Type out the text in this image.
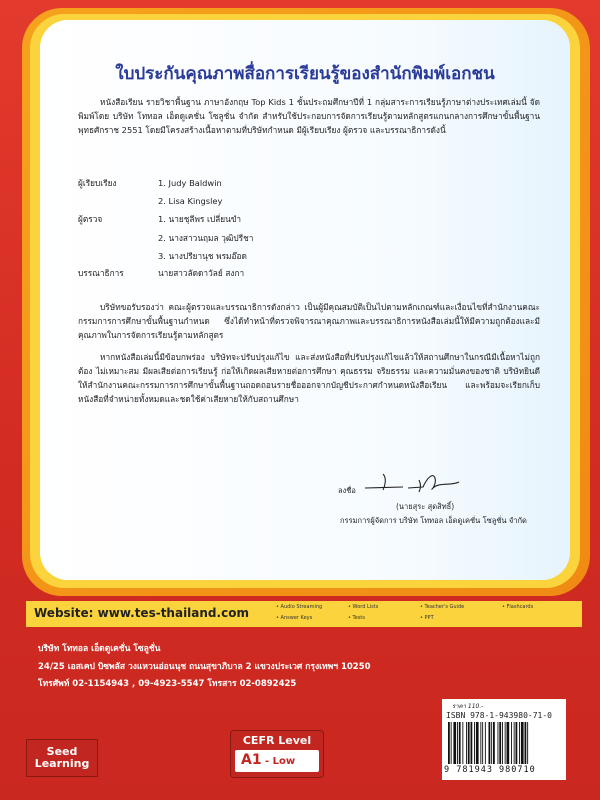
ใบประกันคุณภาพสื่อการเรียนรู้ของสำนักพิมพ์เอกชน
หนังสือเรียน รายวิชาพื้นฐาน ภาษาอังกฤษ Top Kids 1 ชั้นประถมศึกษาปีที่ 1 กลุ่มสาระการเรียนรู้ภาษาต่างประเทศเล่มนี้ จัดพิมพ์โดย บริษัท โททอล เอ็ดดูเคชั่น โซลูชั่น จำกัด สำหรับใช้ประกอบการจัดการเรียนรู้ตามหลักสูตรแกนกลางการศึกษาขั้นพื้นฐาน พุทธศักราช 2551 โดยมีโครงสร้างเนื้อหาตามที่บริษัทกำหนด มีผู้เรียบเรียง ผู้ตรวจ และบรรณาธิการดังนี้
ผู้เรียบเรียง	1. Judy Baldwin
2. Lisa Kingsley
ผู้ตรวจ	1. นายชุลีพร เปลี่ยนขำ
2. นางสาวนฤมล วุฒิปรีชา
3. นางปรียานุช พรมอ๊อด
บรรณาธิการ	นายสาวลัดดาวัลย์ สงกา
บริษัทขอรับรองว่า คณะผู้ตรวจและบรรณาธิการดังกล่าว เป็นผู้มีคุณสมบัติเป็นไปตามหลักเกณฑ์และเงื่อนไขที่สำนักงานคณะกรรมการการศึกษาขั้นพื้นฐานกำหนด ซึ่งได้ทำหน้าที่ตรวจพิจารณาคุณภาพและบรรณาธิการหนังสือเล่มนี้ให้มีความถูกต้องและมีคุณภาพในการจัดการเรียนรู้ตามหลักสูตร
หากหนังสือเล่มนี้มีข้อบกพร่อง บริษัทจะปรับปรุงแก้ไข และส่งหนังสือที่ปรับปรุงแก้ไขแล้วให้สถานศึกษาในกรณีมีเนื้อหาไม่ถูกต้อง ไม่เหมาะสม มีผลเสียต่อการเรียนรู้ ก่อให้เกิดผลเสียหายต่อการศึกษา คุณธรรม จริยธรรม และความมั่นคงของชาติ บริษัทยินดีให้สำนักงานคณะกรรมการการศึกษาขั้นพื้นฐานถอดถอนรายชื่อออกจากบัญชีประกาศกำหนดหนังสือเรียน และพร้อมจะเรียกเก็บหนังสือที่จำหน่ายทั้งหมดและชดใช้ค่าเสียหายให้กับสถานศึกษา
ลงชื่อ
(นายสุระ สุดสิทธิ์)
กรรมการผู้จัดการ บริษัท โททอล เอ็ดดูเคชั่น โซลูชั่น จำกัด
Website: www.tes-thailand.com	• Audio Streaming	• Word Lists	• Teacher's Guide	• Flashcards
• Answer Keys	• Tests	• PPT
บริษัท โททอล เอ็ดดูเคชั่น โซลูชั่น
24/25 เอสเคป บิซพลัส วงแหวนอ่อนนุช ถนนสุขาภิบาล 2 แขวงประเวศ กรุงเทพฯ 10250
โทรศัพท์ 02-1154943 , 09-4923-5547 โทรสาร 02-0892425
Seed
Learning
CEFR Level
A1 - Low
ราคา 110.-
ISBN 978-1-943980-71-0
9 781943 980710
